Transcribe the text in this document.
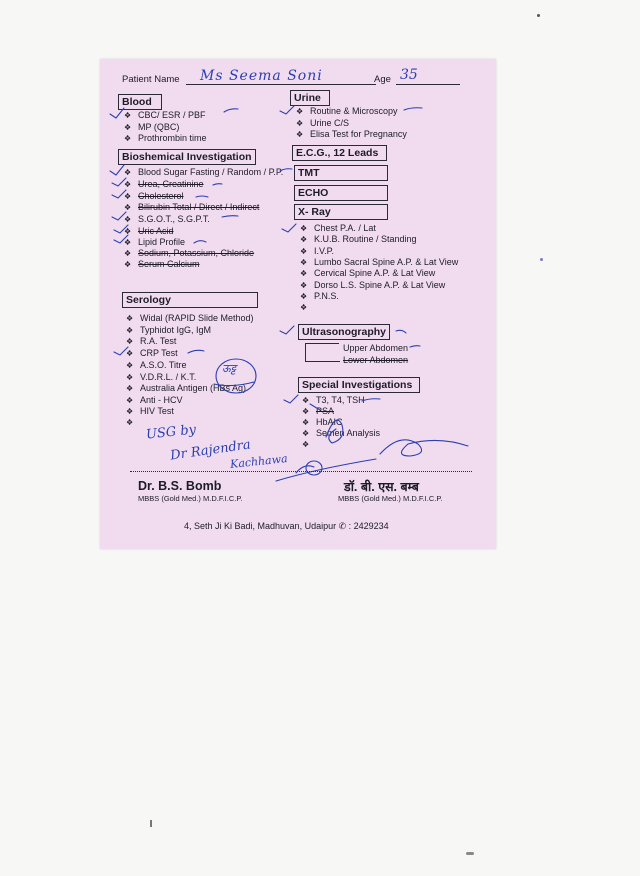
Patient Name Ms Seema Soni	Age 35
Blood
❖ CBC/ ESR / PBF
❖ MP (QBC)
❖ Prothrombin time
Bioshemical Investigation
❖ Blood Sugar Fasting / Random / P.P.
❖ Urea, Creatinine
❖ Cholesterol
❖ Bilirubin Total / Direct / Indirect
❖ S.G.O.T., S.G.P.T.
❖ Uric Acid
❖ Lipid Profile
❖ Sodium, Potassium, Chloride
❖ Serum Calcium
Serology
❖ Widal (RAPID Slide Method)
❖ Typhidot IgG, IgM
❖ R.A. Test
❖ CRP Test
❖ A.S.O. Titre
❖ V.D.R.L. / K.T.
❖ Australia Antigen (HBs Ag)
❖ Anti - HCV
❖ HIV Test
❖
Urine
❖ Routine & Microscopy
❖ Urine C/S
❖ Elisa Test for Pregnancy
E.C.G., 12 Leads
TMT
ECHO
X- Ray
❖ Chest P.A. / Lat
❖ K.U.B. Routine / Standing
❖ I.V.P.
❖ Lumbo Sacral Spine A.P. & Lat View
❖ Cervical Spine A.P. & Lat View
❖ Dorso L.S. Spine A.P. & Lat View
❖ P.N.S.
❖
Ultrasonography
Upper Abdomen
Lower Abdomen
Special Investigations
❖ T3, T4, TSH
❖ PSA
❖ HbAIC
❖ Semen Analysis
❖
USG by
Dr Rajendra
Kachhawa
ऊट्ट
Dr. B.S. Bomb
MBBS (Gold Med.) M.D.F.I.C.P.
डॉ. बी. एस. बम्ब
MBBS (Gold Med.) M.D.F.I.C.P.
4, Seth Ji Ki Badi, Madhuvan, Udaipur ✆ : 2429234
